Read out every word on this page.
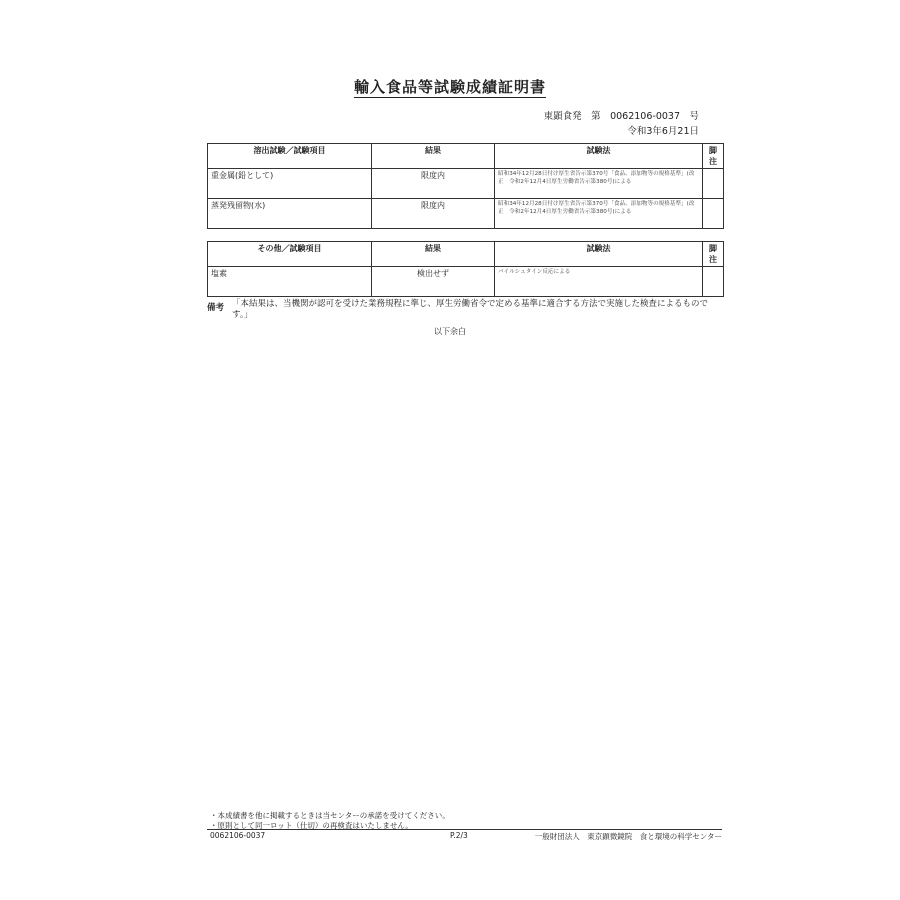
輸入食品等試験成績証明書
東顕食発　第　0062106-0037　号
令和3年6月21日
溶出試験／試験項目	結果	試験法	脚注
重金属(鉛として)	限度内	昭和34年12月28日付け厚生省告示第370号「食品、添加物等の規格基準」(改正　令和2年12月4日厚生労働省告示第380号)による	
蒸発残留物(水)	限度内	昭和34年12月28日付け厚生省告示第370号「食品、添加物等の規格基準」(改正　令和2年12月4日厚生労働省告示第380号)による	
その他／試験項目	結果	試験法	脚注
塩素	検出せず	バイルシュタイン反応による	
備考 「本結果は、当機関が認可を受けた業務規程に準じ、厚生労働省令で定める基準に適合する方法で実施した検査によるものです。」
以下余白
・本成績書を他に掲載するときは当センターの承諾を受けてください。
・原則として同一ロット（仕切）の再検査はいたしません。
0062106-0037	P.2/3	一般財団法人　東京顕微鏡院　食と環境の科学センター
